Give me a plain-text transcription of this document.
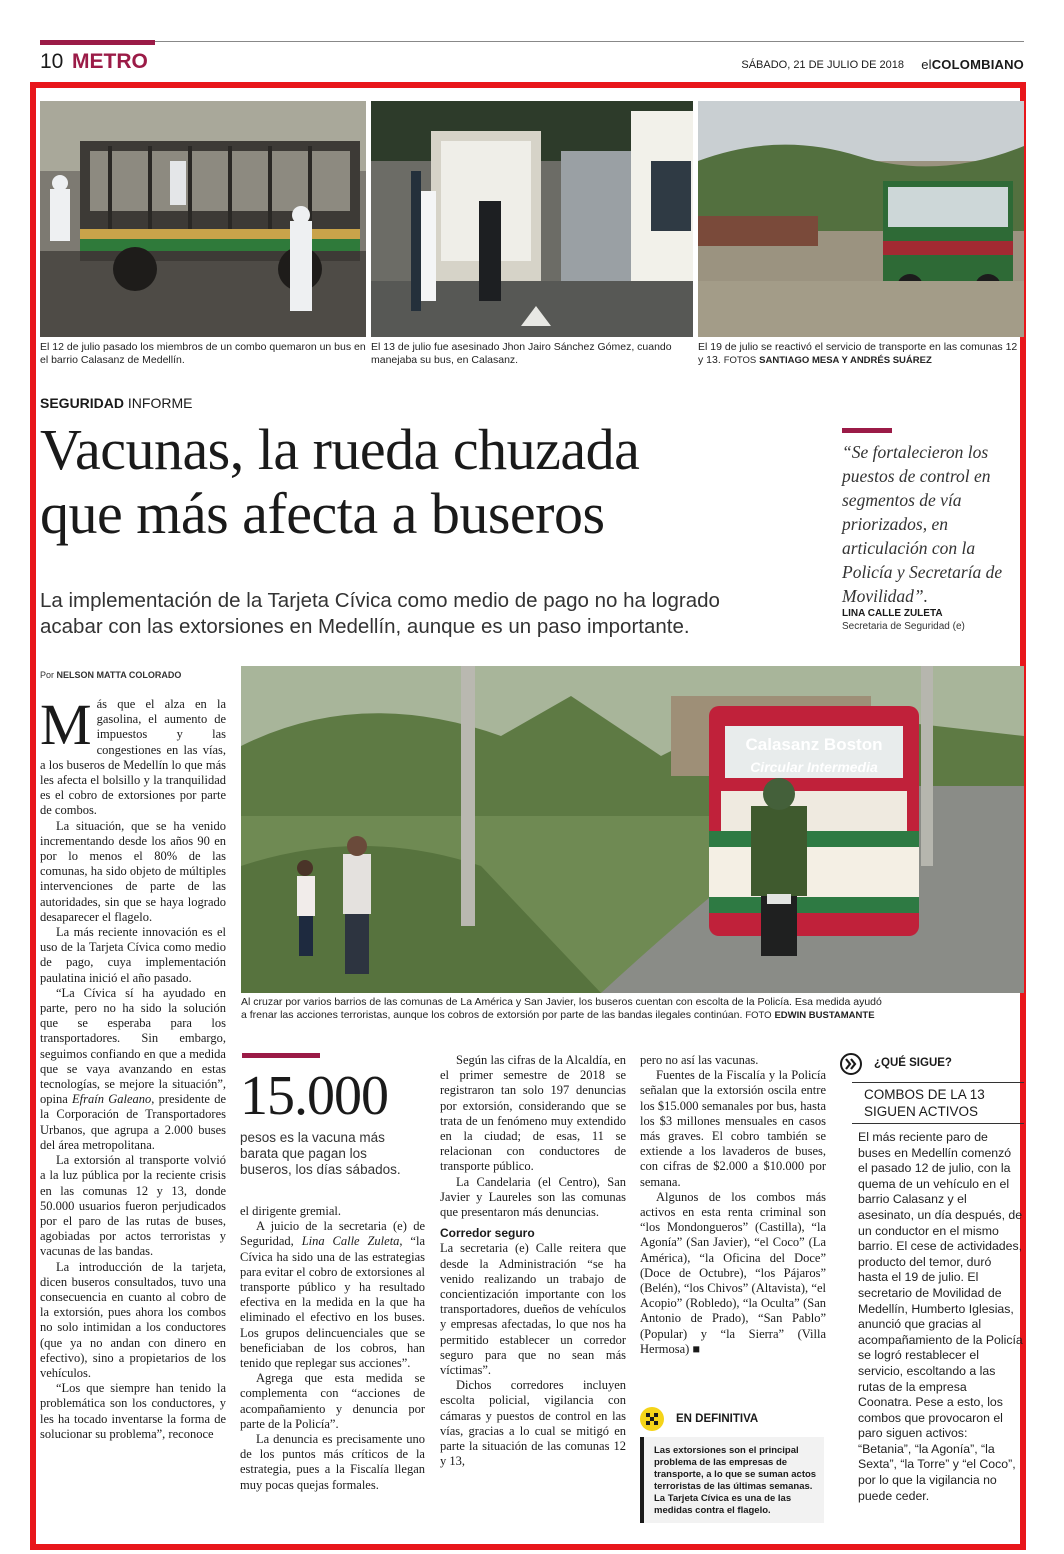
10 METRO	SÁBADO, 21 DE JULIO DE 2018 elCOLOMBIANO
El 12 de julio pasado los miembros de un combo quemaron un bus en el barrio Calasanz de Medellín.
El 13 de julio fue asesinado Jhon Jairo Sánchez Gómez, cuando manejaba su bus, en Calasanz.
El 19 de julio se reactivó el servicio de transporte en las comunas 12 y 13. FOTOS SANTIAGO MESA Y ANDRÉS SUÁREZ
SEGURIDAD INFORME
Vacunas, la rueda chuzada
que más afecta a buseros
La implementación de la Tarjeta Cívica como medio de pago no ha logrado
acabar con las extorsiones en Medellín, aunque es un paso importante.
“Se fortalecieron los puestos de control en segmentos de vía priorizados, en articulación con la Policía y Secretaría de Movilidad”.
LINA CALLE ZULETA
Secretaria de Seguridad (e)
Calasanz Boston
Circular Intermedia
Al cruzar por varios barrios de las comunas de La América y San Javier, los buseros cuentan con escolta de la Policía. Esa medida ayudó
a frenar las acciones terroristas, aunque los cobros de extorsión por parte de las bandas ilegales continúan. FOTO EDWIN BUSTAMANTE
Por NELSON MATTA COLORADO

Más que el alza en la gasolina, el aumento de impuestos y las congestiones en las vías, a los buseros de Medellín lo que más les afecta el bolsillo y la tranquilidad es el cobro de extorsiones por parte de combos.

La situación, que se ha venido incrementando desde los años 90 en por lo menos el 80% de las comunas, ha sido objeto de múltiples intervenciones de parte de las autoridades, sin que se haya logrado desaparecer el flagelo.

La más reciente innovación es el uso de la Tarjeta Cívica como medio de pago, cuya implementación paulatina inició el año pasado.

“La Cívica sí ha ayudado en parte, pero no ha sido la solución que se esperaba para los transportadores. Sin embargo, seguimos confiando en que a medida que se vaya avanzando en estas tecnologías, se mejore la situación”, opina Efraín Galeano, presidente de la Corporación de Transportadores Urbanos, que agrupa a 2.000 buses del área metropolitana.

La extorsión al transporte volvió a la luz pública por la reciente crisis en las comunas 12 y 13, donde 50.000 usuarios fueron perjudicados por el paro de las rutas de buses, agobiadas por actos terroristas y vacunas de las bandas.

La introducción de la tarjeta, dicen buseros consultados, tuvo una consecuencia en cuanto al cobro de la extorsión, pues ahora los combos no solo intimidan a los conductores (que ya no andan con dinero en efectivo), sino a propietarios de los vehículos.

“Los que siempre han tenido la problemática son los conductores, y les ha tocado inventarse la forma de solucionar su problema”, reconoce

15.000
pesos es la vacuna más barata que pagan los buseros, los días sábados.

el dirigente gremial.

A juicio de la secretaria (e) de Seguridad, Lina Calle Zuleta, “la Cívica ha sido una de las estrategias para evitar el cobro de extorsiones al transporte público y ha resultado efectiva en la medida en la que ha eliminado el efectivo en los buses. Los grupos delincuenciales que se beneficiaban de los cobros, han tenido que replegar sus acciones”.

Agrega que esta medida se complementa con “acciones de acompañamiento y denuncia por parte de la Policía”.

La denuncia es precisamente uno de los puntos más críticos de la estrategia, pues a la Fiscalía llegan muy pocas quejas formales.

Según las cifras de la Alcaldía, en el primer semestre de 2018 se registraron tan solo 197 denuncias por extorsión, considerando que se trata de un fenómeno muy extendido en la ciudad; de esas, 11 se relacionan con conductores de transporte público.

La Candelaria (el Centro), San Javier y Laureles son las comunas que presentaron más denuncias.

Corredor seguro

La secretaria (e) Calle reitera que desde la Administración “se ha venido realizando un trabajo de concientización importante con los transportadores, dueños de vehículos y empresas afectadas, lo que nos ha permitido establecer un corredor seguro para que no sean más víctimas”.

Dichos corredores incluyen escolta policial, vigilancia con cámaras y puestos de control en las vías, gracias a lo cual se mitigó en parte la situación de las comunas 12 y 13,

pero no así las vacunas.

Fuentes de la Fiscalía y la Policía señalan que la extorsión oscila entre los $15.000 semanales por bus, hasta los $3 millones mensuales en casos más graves. El cobro también se extiende a los lavaderos de buses, con cifras de $2.000 a $10.000 por semana.

Algunos de los combos más activos en esta renta criminal son “los Mondongueros” (Castilla), “la Agonía” (San Javier), “el Coco” (La América), “la Oficina del Doce” (Doce de Octubre), “los Pájaros” (Belén), “los Chivos” (Altavista), “el Acopio” (Robledo), “la Oculta” (San Antonio de Prado), “San Pablo” (Popular) y “la Sierra” (Villa Hermosa) ■

EN DEFINITIVA
Las extorsiones son el principal problema de las empresas de transporte, a lo que se suman actos terroristas de las últimas semanas. La Tarjeta Cívica es una de las medidas contra el flagelo.
¿QUÉ SIGUE?
COMBOS DE LA 13
SIGUEN ACTIVOS
El más reciente paro de buses en Medellín comenzó el pasado 12 de julio, con la quema de un vehículo en el barrio Calasanz y el asesinato, un día después, de un conductor en el mismo barrio. El cese de actividades, producto del temor, duró hasta el 19 de julio. El secretario de Movilidad de Medellín, Humberto Iglesias, anunció que gracias al acompañamiento de la Policía se logró restablecer el servicio, escoltando a las rutas de la empresa Coonatra. Pese a esto, los combos que provocaron el paro siguen activos: “Betania”, “la Agonía”, “la Sexta”, “la Torre” y “el Coco”, por lo que la vigilancia no puede ceder.
